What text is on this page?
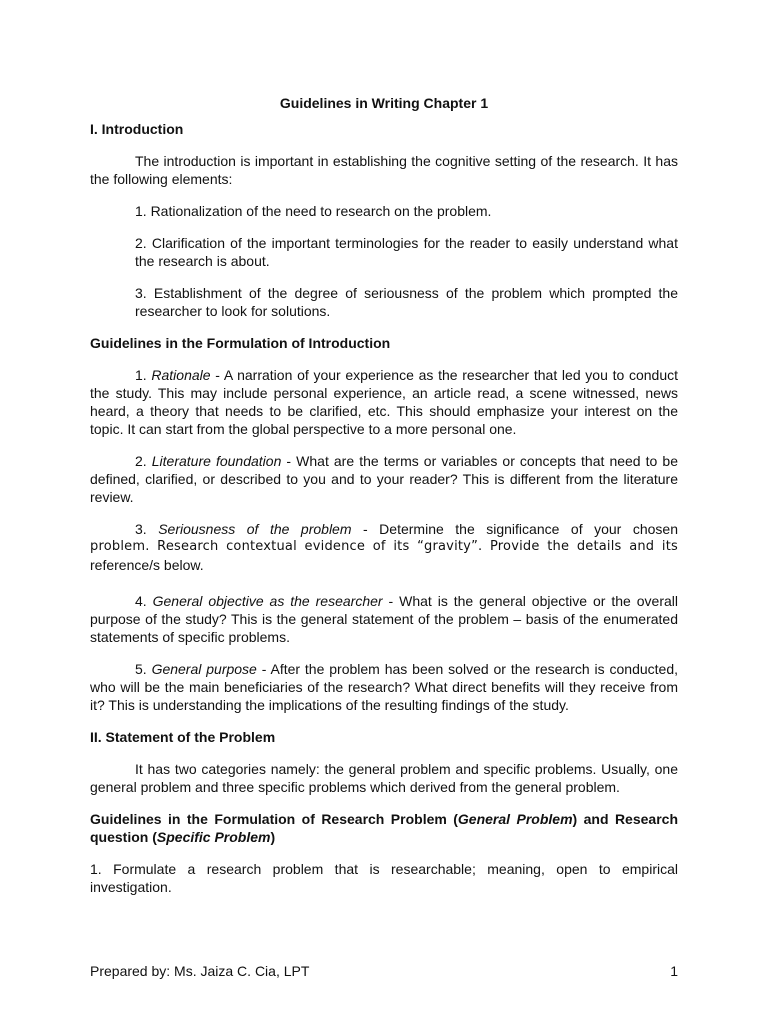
Guidelines in Writing Chapter 1
I. Introduction

The introduction is important in establishing the cognitive setting of the research. It has the following elements:

1. Rationalization of the need to research on the problem.

2. Clarification of the important terminologies for the reader to easily understand what the research is about.

3. Establishment of the degree of seriousness of the problem which prompted the researcher to look for solutions.

Guidelines in the Formulation of Introduction

1. Rationale - A narration of your experience as the researcher that led you to conduct the study. This may include personal experience, an article read, a scene witnessed, news heard, a theory that needs to be clarified, etc. This should emphasize your interest on the topic. It can start from the global perspective to a more personal one.

2. Literature foundation - What are the terms or variables or concepts that need to be defined, clarified, or described to you and to your reader? This is different from the literature review.

3. Seriousness of the problem - Determine the significance of your chosen

problem. Research contextual evidence of its “gravity”. Provide the details and its

reference/s below.

4. General objective as the researcher - What is the general objective or the overall purpose of the study? This is the general statement of the problem – basis of the enumerated statements of specific problems.

5. General purpose - After the problem has been solved or the research is conducted, who will be the main beneficiaries of the research? What direct benefits will they receive from it? This is understanding the implications of the resulting findings of the study.

II. Statement of the Problem

It has two categories namely: the general problem and specific problems. Usually, one general problem and three specific problems which derived from the general problem.

Guidelines in the Formulation of Research Problem (General Problem) and Research question (Specific Problem)

1. Formulate a research problem that is researchable; meaning, open to empirical investigation.

Prepared by: Ms. Jaiza C. Cia, LPT	1
